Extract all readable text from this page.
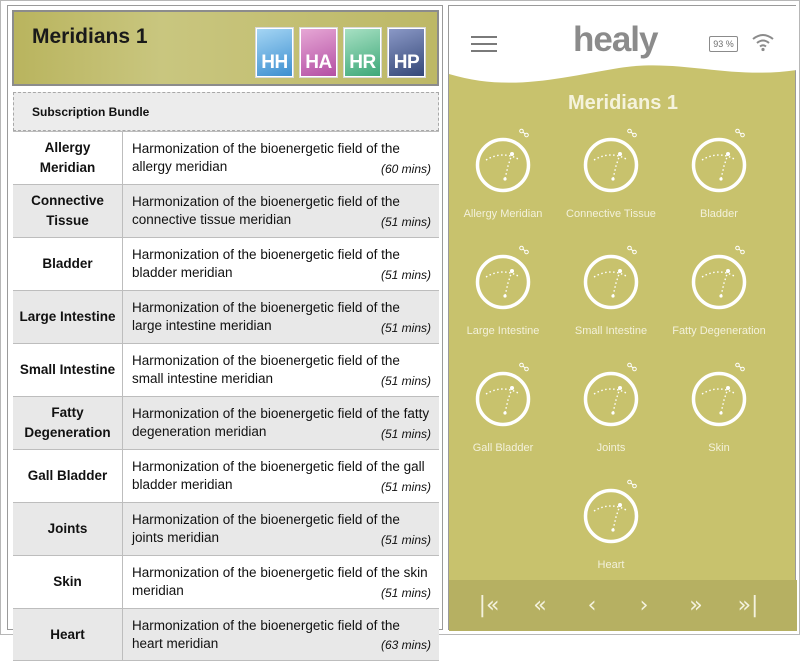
Meridians 1
HH HA HR HP
Subscription Bundle
Allergy Meridian
Harmonization of the bioenergetic field of the allergy meridian	(60 mins)
Connective Tissue
Harmonization of the bioenergetic field of the connective tissue meridian	(51 mins)
Bladder
Harmonization of the bioenergetic field of the bladder meridian	(51 mins)
Large Intestine
Harmonization of the bioenergetic field of the large intestine meridian	(51 mins)
Small Intestine
Harmonization of the bioenergetic field of the small intestine meridian	(51 mins)
Fatty Degeneration
Harmonization of the bioenergetic field of the fatty degeneration meridian	(51 mins)
Gall Bladder
Harmonization of the bioenergetic field of the gall bladder meridian	(51 mins)
Joints
Harmonization of the bioenergetic field of the joints meridian	(51 mins)
Skin
Harmonization of the bioenergetic field of the skin meridian	(51 mins)
Heart
Harmonization of the bioenergetic field of the heart meridian	(63 mins)
healy	93 %
Meridians 1
Allergy Meridian	Connective Tissue	Bladder
Large Intestine	Small Intestine	Fatty Degeneration
Gall Bladder	Joints	Skin
Heart
|«	«	‹	›	»	»|
